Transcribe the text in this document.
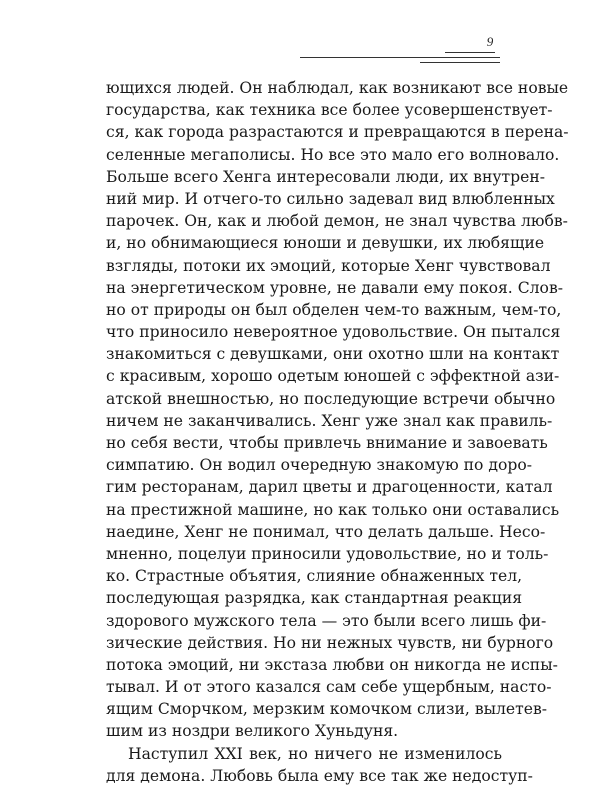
9
ющихся людей. Он наблюдал, как возникают все новые
государства, как техника все более усовершенствует-
ся, как города разрастаются и превращаются в перена-
селенные мегаполисы. Но все это мало его волновало.
Больше всего Хенга интересовали люди, их внутрен-
ний мир. И отчего-то сильно задевал вид влюбленных
парочек. Он, как и любой демон, не знал чувства любв-
и, но обнимающиеся юноши и девушки, их любящие
взгляды, потоки их эмоций, которые Хенг чувствовал
на энергетическом уровне, не давали ему покоя. Слов-
но от природы он был обделен чем-то важным, чем-то,
что приносило невероятное удовольствие. Он пытался
знакомиться с девушками, они охотно шли на контакт
с красивым, хорошо одетым юношей с эффектной ази-
атской внешностью, но последующие встречи обычно
ничем не заканчивались. Хенг уже знал как правиль-
но себя вести, чтобы привлечь внимание и завоевать
симпатию. Он водил очередную знакомую по доро-
гим ресторанам, дарил цветы и драгоценности, катал
на престижной машине, но как только они оставались
наедине, Хенг не понимал, что делать дальше. Несо-
мненно, поцелуи приносили удовольствие, но и толь-
ко. Страстные объятия, слияние обнаженных тел,
последующая разрядка, как стандартная реакция
здорового мужского тела — это были всего лишь фи-
зические действия. Но ни нежных чувств, ни бурного
потока эмоций, ни экстаза любви он никогда не испы-
тывал. И от этого казался сам себе ущербным, насто-
ящим Сморчком, мерзким комочком слизи, вылетев-
шим из ноздри великого Хуньдуня.
Наступил XXI век, но ничего не изменилось
для демона. Любовь была ему все так же недоступ-
